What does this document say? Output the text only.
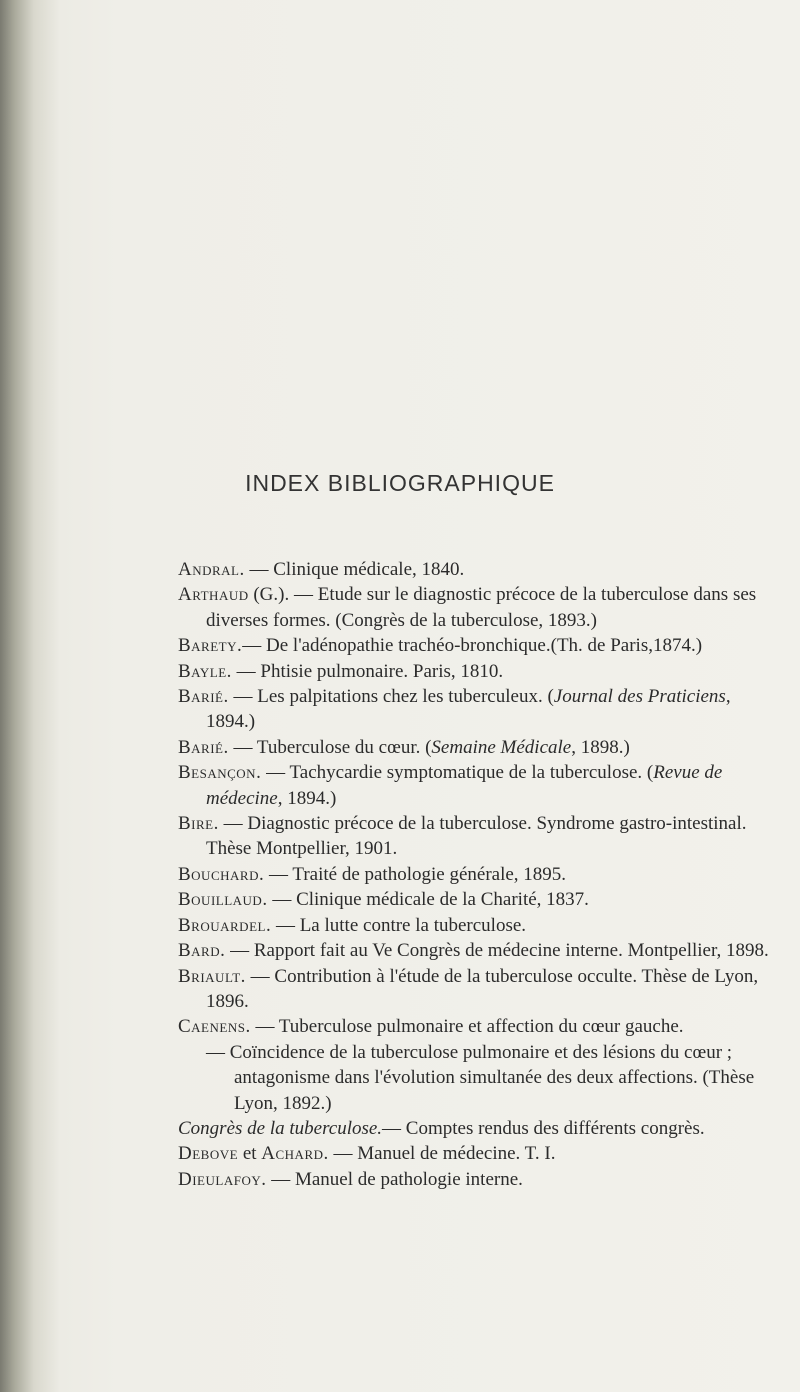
INDEX BIBLIOGRAPHIQUE

Andral. — Clinique médicale, 1840.

Arthaud (G.). — Etude sur le diagnostic précoce de la tuberculose dans ses diverses formes. (Congrès de la tuberculose, 1893.)

Barety.— De l'adénopathie trachéo-bronchique.(Th. de Paris,1874.)

Bayle. — Phtisie pulmonaire. Paris, 1810.

Barié. — Les palpitations chez les tuberculeux. (Journal des Praticiens, 1894.)

Barié. — Tuberculose du cœur. (Semaine Médicale, 1898.)

Besançon. — Tachycardie symptomatique de la tuberculose. (Revue de médecine, 1894.)

Bire. — Diagnostic précoce de la tuberculose. Syndrome gastro-intestinal. Thèse Montpellier, 1901.

Bouchard. — Traité de pathologie générale, 1895.

Bouillaud. — Clinique médicale de la Charité, 1837.

Brouardel. — La lutte contre la tuberculose.

Bard. — Rapport fait au Ve Congrès de médecine interne. Montpellier, 1898.

Briault. — Contribution à l'étude de la tuberculose occulte. Thèse de Lyon, 1896.

Caenens. — Tuberculose pulmonaire et affection du cœur gauche.

— Coïncidence de la tuberculose pulmonaire et des lésions du cœur ; antagonisme dans l'évolution simultanée des deux affections. (Thèse Lyon, 1892.)

Congrès de la tuberculose.— Comptes rendus des différents congrès.

Debove et Achard. — Manuel de médecine. T. I.

Dieulafoy. — Manuel de pathologie interne.
